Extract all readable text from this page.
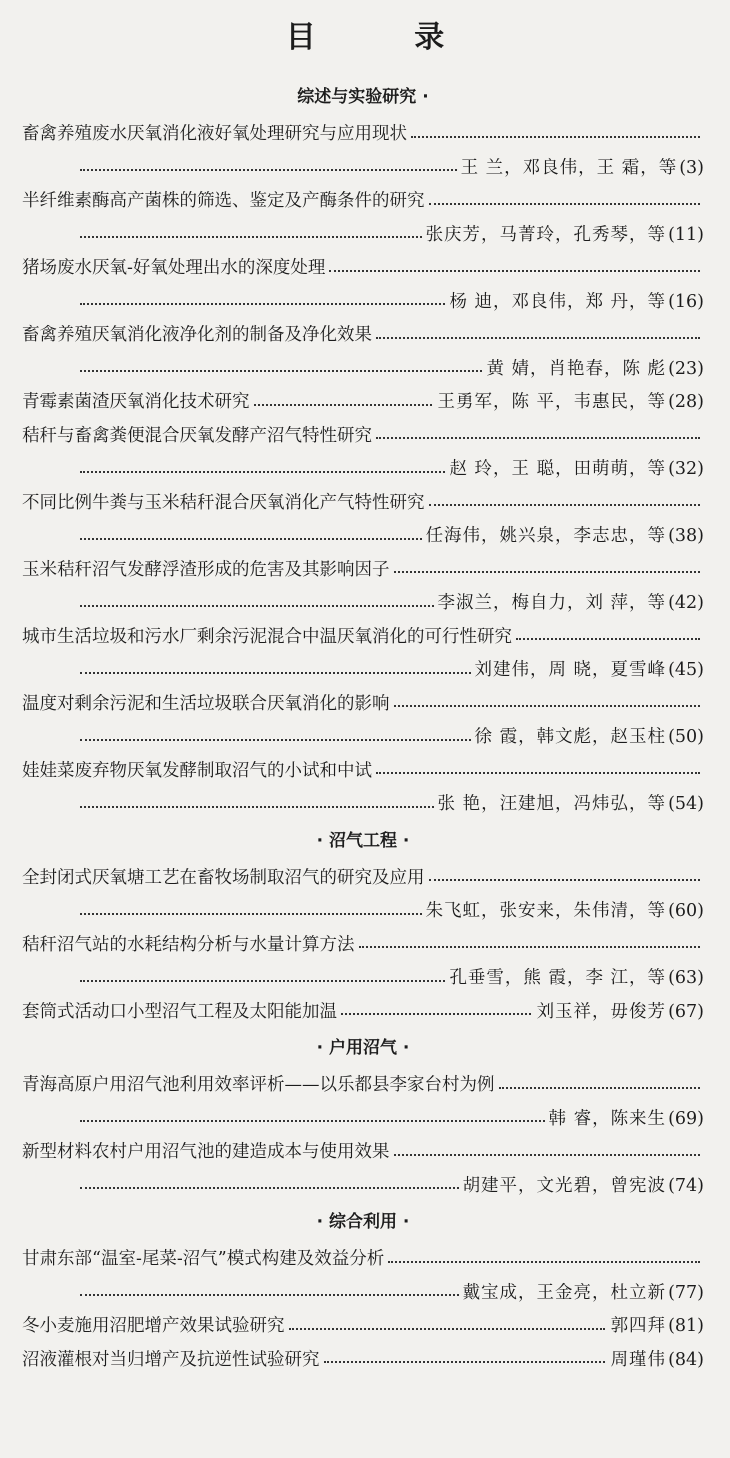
目 录
综述与实验研究 ·
畜禽养殖废水厌氧消化液好氧处理研究与应用现状
王 兰，邓良伟，王 霜，等 (3)
半纤维素酶高产菌株的筛选、鉴定及产酶条件的研究
张庆芳，马菁玲，孔秀琴，等 (11)
猪场废水厌氧-好氧处理出水的深度处理
杨 迪，邓良伟，郑 丹，等 (16)
畜禽养殖厌氧消化液净化剂的制备及净化效果
黄 婧，肖艳春，陈 彪 (23)
青霉素菌渣厌氧消化技术研究	王勇军，陈 平，韦惠民，等 (28)
秸秆与畜禽粪便混合厌氧发酵产沼气特性研究
赵 玲，王 聪，田萌萌，等 (32)
不同比例牛粪与玉米秸秆混合厌氧消化产气特性研究
任海伟，姚兴泉，李志忠，等 (38)
玉米秸秆沼气发酵浮渣形成的危害及其影响因子
李淑兰，梅自力，刘 萍，等 (42)
城市生活垃圾和污水厂剩余污泥混合中温厌氧消化的可行性研究
刘建伟，周 晓，夏雪峰 (45)
温度对剩余污泥和生活垃圾联合厌氧消化的影响
徐 霞，韩文彪，赵玉柱 (50)
娃娃菜废弃物厌氧发酵制取沼气的小试和中试
张 艳，汪建旭，冯炜弘，等 (54)
· 沼气工程 ·
全封闭式厌氧塘工艺在畜牧场制取沼气的研究及应用
朱飞虹，张安来，朱伟清，等 (60)
秸秆沼气站的水耗结构分析与水量计算方法
孔垂雪，熊 霞，李 江，等 (63)
套筒式活动口小型沼气工程及太阳能加温	刘玉祥，毋俊芳 (67)
· 户用沼气 ·
青海高原户用沼气池利用效率评析——以乐都县李家台村为例
韩 睿，陈来生 (69)
新型材料农村户用沼气池的建造成本与使用效果
胡建平，文光碧，曾宪波 (74)
· 综合利用 ·
甘肃东部“温室-尾菜-沼气”模式构建及效益分析
戴宝成，王金亮，杜立新 (77)
冬小麦施用沼肥增产效果试验研究	郭四拜 (81)
沼液灌根对当归增产及抗逆性试验研究	周瑾伟 (84)
